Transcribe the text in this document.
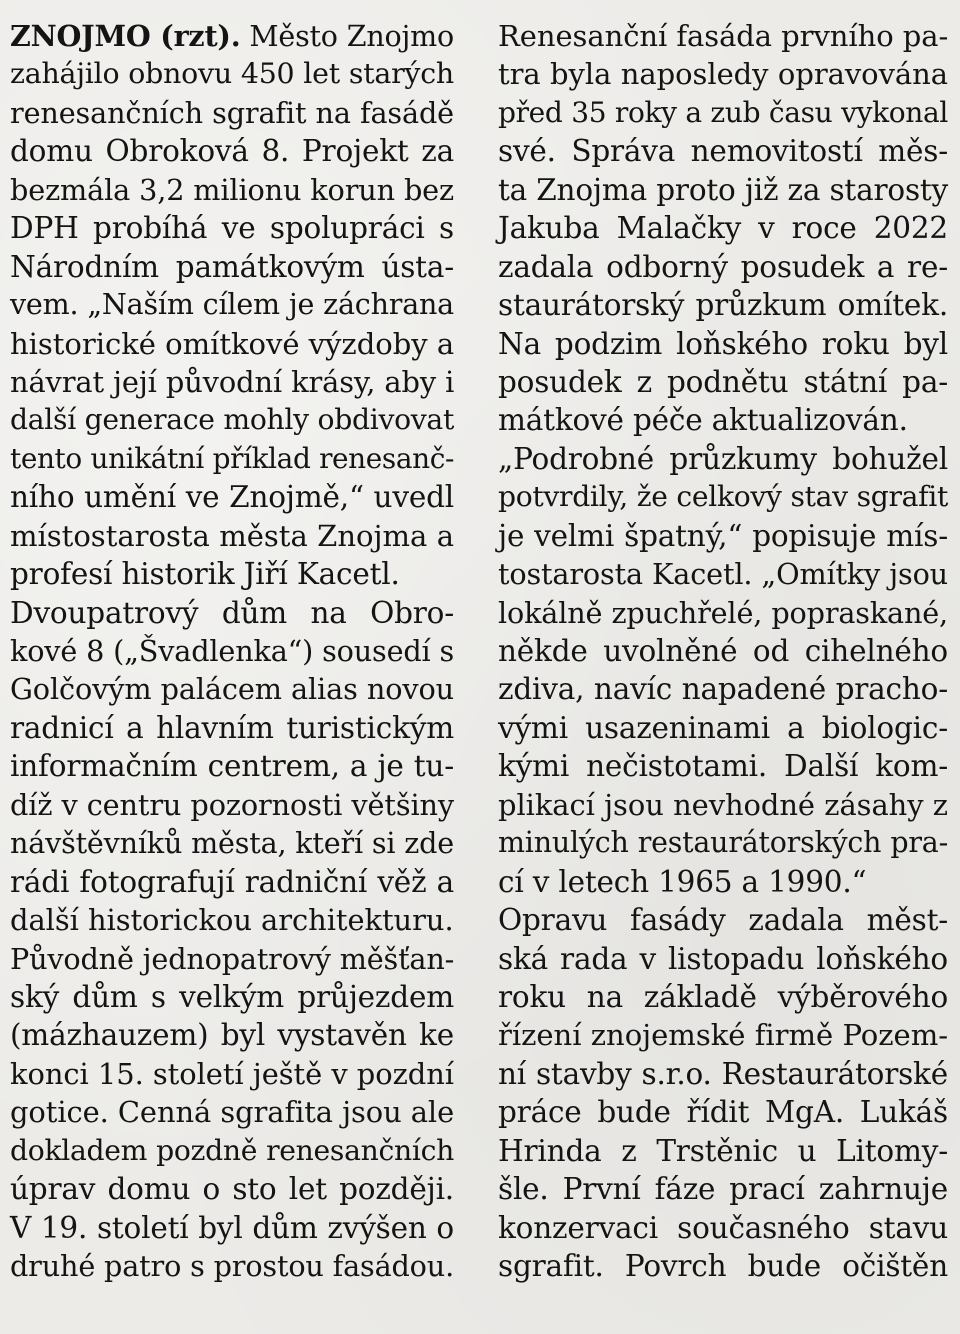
ZNOJMO (rzt). Město Znojmo
zahájilo obnovu 450 let starých
renesančních sgrafit na fasádě
domu Obroková 8. Projekt za
bezmála 3,2 milionu korun bez
DPH probíhá ve spolupráci s
Národním památkovým ústa-
vem. „Naším cílem je záchrana
historické omítkové výzdoby a
návrat její původní krásy, aby i
další generace mohly obdivovat
tento unikátní příklad renesanč-
ního umění ve Znojmě,“ uvedl
místostarosta města Znojma a
profesí historik Jiří Kacetl.
Dvoupatrový dům na Obro-
kové 8 („Švadlenka“) sousedí s
Golčovým palácem alias novou
radnicí a hlavním turistickým
informačním centrem, a je tu-
díž v centru pozornosti většiny
návštěvníků města, kteří si zde
rádi fotografují radniční věž a
další historickou architekturu.
Původně jednopatrový měšťan-
ský dům s velkým průjezdem
(mázhauzem) byl vystavěn ke
konci 15. století ještě v pozdní
gotice. Cenná sgrafita jsou ale
dokladem pozdně renesančních
úprav domu o sto let později.
V 19. století byl dům zvýšen o
druhé patro s prostou fasádou.
Renesanční fasáda prvního pa-
tra byla naposledy opravována
před 35 roky a zub času vykonal
své. Správa nemovitostí měs-
ta Znojma proto již za starosty
Jakuba Malačky v roce 2022
zadala odborný posudek a re-
staurátorský průzkum omítek.
Na podzim loňského roku byl
posudek z podnětu státní pa-
mátkové péče aktualizován.
„Podrobné průzkumy bohužel
potvrdily, že celkový stav sgrafit
je velmi špatný,“ popisuje mís-
tostarosta Kacetl. „Omítky jsou
lokálně zpuchřelé, popraskané,
někde uvolněné od cihelného
zdiva, navíc napadené pracho-
vými usazeninami a biologic-
kými nečistotami. Další kom-
plikací jsou nevhodné zásahy z
minulých restaurátorských pra-
cí v letech 1965 a 1990.“
Opravu fasády zadala měst-
ská rada v listopadu loňského
roku na základě výběrového
řízení znojemské firmě Pozem-
ní stavby s.r.o. Restaurátorské
práce bude řídit MgA. Lukáš
Hrinda z Trstěnic u Litomy-
šle. První fáze prací zahrnuje
konzervaci současného stavu
sgrafit. Povrch bude očištěn
